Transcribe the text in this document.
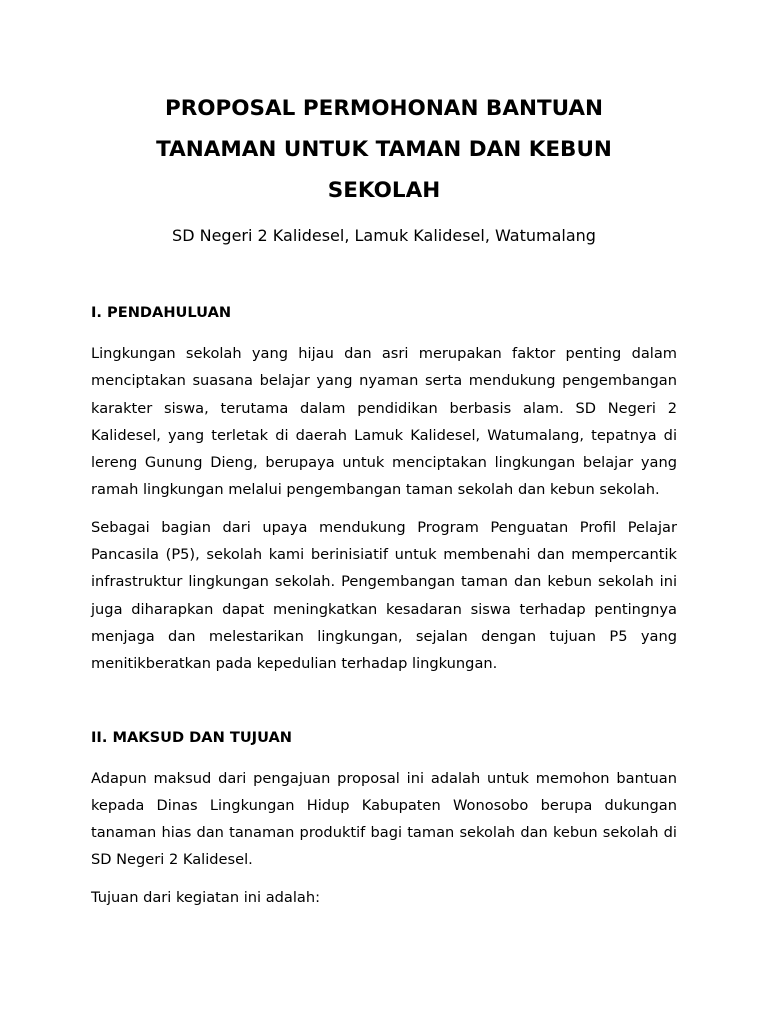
PROPOSAL PERMOHONAN BANTUAN TANAMAN UNTUK TAMAN DAN KEBUN SEKOLAH

SD Negeri 2 Kalidesel, Lamuk Kalidesel, Watumalang

I. PENDAHULUAN

Lingkungan sekolah yang hijau dan asri merupakan faktor penting dalam menciptakan suasana belajar yang nyaman serta mendukung pengembangan karakter siswa, terutama dalam pendidikan berbasis alam. SD Negeri 2 Kalidesel, yang terletak di daerah Lamuk Kalidesel, Watumalang, tepatnya di lereng Gunung Dieng, berupaya untuk menciptakan lingkungan belajar yang ramah lingkungan melalui pengembangan taman sekolah dan kebun sekolah.

Sebagai bagian dari upaya mendukung Program Penguatan Profil Pelajar Pancasila (P5), sekolah kami berinisiatif untuk membenahi dan mempercantik infrastruktur lingkungan sekolah. Pengembangan taman dan kebun sekolah ini juga diharapkan dapat meningkatkan kesadaran siswa terhadap pentingnya menjaga dan melestarikan lingkungan, sejalan dengan tujuan P5 yang menitikberatkan pada kepedulian terhadap lingkungan.

II. MAKSUD DAN TUJUAN

Adapun maksud dari pengajuan proposal ini adalah untuk memohon bantuan kepada Dinas Lingkungan Hidup Kabupaten Wonosobo berupa dukungan tanaman hias dan tanaman produktif bagi taman sekolah dan kebun sekolah di SD Negeri 2 Kalidesel.

Tujuan dari kegiatan ini adalah:
